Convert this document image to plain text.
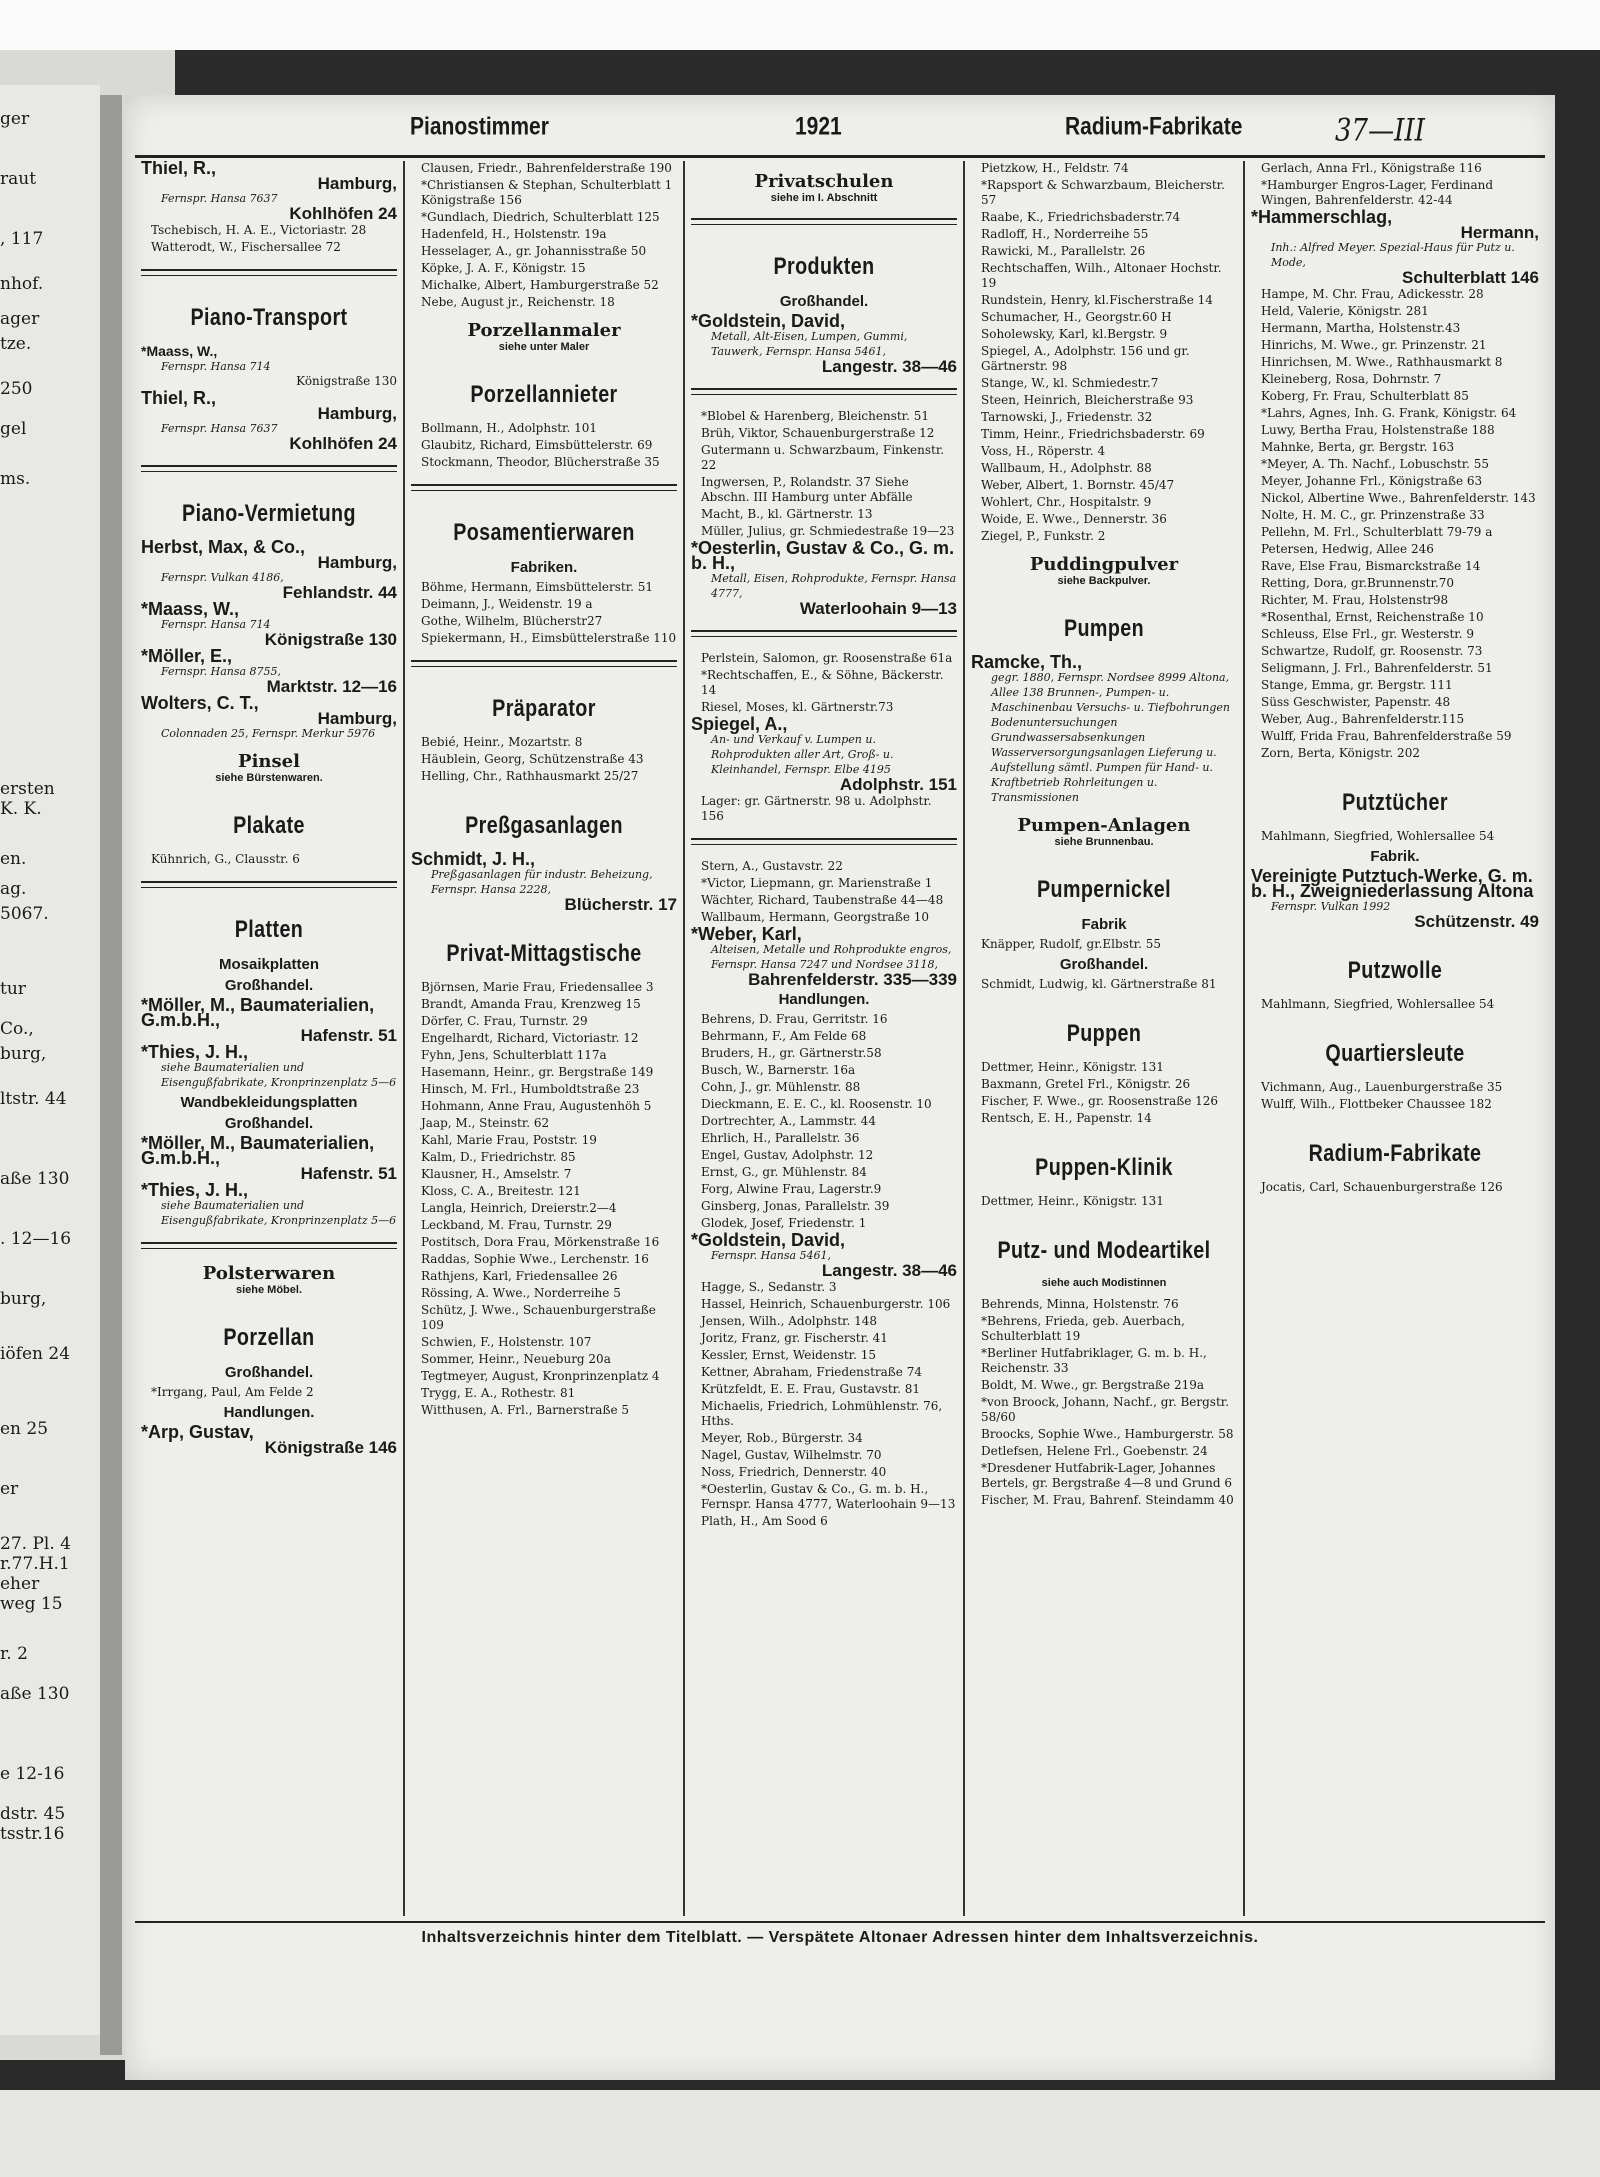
ger
raut
, 117
nhof.
ager
tze.
250
gel
ms.
ersten
K. K.
en.
ag.
5067.
tur
Co.,
burg,
ltstr. 44
aße 130
. 12—16
burg,
iöfen 24
en 25
er
27. Pl. 4
r.77.H.1
eher
weg 15
r. 2
aße 130
e 12-16
dstr. 45
tsstr.16
Pianostimmer	1921	Radium-Fabrikate	37—III
Thiel, R.,
Hamburg,
Fernspr. Hansa 7637
Kohlhöfen 24
Tschebisch, H. A. E., Victoriastr. 28
Watterodt, W., Fischersallee 72
Piano-Transport
*Maass, W.,
Fernspr. Hansa 714
Königstraße 130
Thiel, R.,
Hamburg,
Fernspr. Hansa 7637
Kohlhöfen 24
Piano-Vermietung
Herbst, Max, & Co.,
Hamburg,
Fernspr. Vulkan 4186,
Fehlandstr. 44
*Maass, W.,
Fernspr. Hansa 714
Königstraße 130
*Möller, E.,
Fernspr. Hansa 8755,
Marktstr. 12—16
Wolters, C. T.,
Hamburg,
Colonnaden 25, Fernspr. Merkur 5976
Pinsel
siehe Bürstenwaren.
Plakate
Kühnrich, G., Clausstr. 6
Platten
Mosaikplatten
Großhandel.
*Möller, M., Baumaterialien, G.m.b.H.,
Hafenstr. 51
*Thies, J. H.,
siehe Baumaterialien und Eisengußfabrikate, Kronprinzenplatz 5—6
Wandbekleidungsplatten
Großhandel.
*Möller, M., Baumaterialien, G.m.b.H.,
Hafenstr. 51
*Thies, J. H.,
siehe Baumaterialien und Eisengußfabrikate, Kronprinzenplatz 5—6
Polsterwaren
siehe Möbel.
Porzellan
Großhandel.
*Irrgang, Paul, Am Felde 2
Handlungen.
*Arp, Gustav,
Königstraße 146
Clausen, Friedr., Bahrenfelderstraße 190
*Christiansen & Stephan, Schulterblatt 1 Königstraße 156
*Gundlach, Diedrich, Schulterblatt 125
Hadenfeld, H., Holstenstr. 19a
Hesselager, A., gr. Johannisstraße 50
Köpke, J. A. F., Königstr. 15
Michalke, Albert, Hamburgerstraße 52
Nebe, August jr., Reichenstr. 18
Porzellanmaler
siehe unter Maler
Porzellannieter
Bollmann, H., Adolphstr. 101
Glaubitz, Richard, Eimsbüttelerstr. 69
Stockmann, Theodor, Blücherstraße 35
Posamentierwaren
Fabriken.
Böhme, Hermann, Eimsbüttelerstr. 51
Deimann, J., Weidenstr. 19 a
Gothe, Wilhelm, Blücherstr27
Spiekermann, H., Eimsbüttelerstraße 110
Präparator
Bebié, Heinr., Mozartstr. 8
Häublein, Georg, Schützenstraße 43
Helling, Chr., Rathhausmarkt 25/27
Preßgasanlagen
Schmidt, J. H.,
Preßgasanlagen für industr. Beheizung, Fernspr. Hansa 2228,
Blücherstr. 17
Privat-Mittagstische
Björnsen, Marie Frau, Friedensallee 3
Brandt, Amanda Frau, Krenzweg 15
Dörfer, C. Frau, Turnstr. 29
Engelhardt, Richard, Victoriastr. 12
Fyhn, Jens, Schulterblatt 117a
Hasemann, Heinr., gr. Bergstraße 149
Hinsch, M. Frl., Humboldtstraße 23
Hohmann, Anne Frau, Augustenhöh 5
Jaap, M., Steinstr. 62
Kahl, Marie Frau, Poststr. 19
Kalm, D., Friedrichstr. 85
Klausner, H., Amselstr. 7
Kloss, C. A., Breitestr. 121
Langla, Heinrich, Dreierstr.2—4
Leckband, M. Frau, Turnstr. 29
Postitsch, Dora Frau, Mörkenstraße 16
Raddas, Sophie Wwe., Lerchenstr. 16
Rathjens, Karl, Friedensallee 26
Rössing, A. Wwe., Norderreihe 5
Schütz, J. Wwe., Schauenburgerstraße 109
Schwien, F., Holstenstr. 107
Sommer, Heinr., Neueburg 20a
Tegtmeyer, August, Kronprinzenplatz 4
Trygg, E. A., Rothestr. 81
Witthusen, A. Frl., Barnerstraße 5
Privatschulen
siehe im I. Abschnitt
Produkten
Großhandel.
*Goldstein, David,
Metall, Alt-Eisen, Lumpen, Gummi, Tauwerk, Fernspr. Hansa 5461,
Langestr. 38—46
*Blobel & Harenberg, Bleichenstr. 51
Brüh, Viktor, Schauenburgerstraße 12
Gutermann u. Schwarzbaum, Finkenstr. 22
Ingwersen, P., Rolandstr. 37 Siehe Abschn. III Hamburg unter Abfälle
Macht, B., kl. Gärtnerstr. 13
Müller, Julius, gr. Schmiedestraße 19—23
*Oesterlin, Gustav & Co., G. m. b. H.,
Metall, Eisen, Rohprodukte, Fernspr. Hansa 4777,
Waterloohain 9—13
Perlstein, Salomon, gr. Roosenstraße 61a
*Rechtschaffen, E., & Söhne, Bäckerstr. 14
Riesel, Moses, kl. Gärtnerstr.73
Spiegel, A.,
An- und Verkauf v. Lumpen u. Rohprodukten aller Art, Groß- u. Kleinhandel, Fernspr. Elbe 4195
Adolphstr. 151
Lager: gr. Gärtnerstr. 98 u. Adolphstr. 156
Stern, A., Gustavstr. 22
*Victor, Liepmann, gr. Marienstraße 1
Wächter, Richard, Taubenstraße 44—48
Wallbaum, Hermann, Georgstraße 10
*Weber, Karl,
Alteisen, Metalle und Rohprodukte engros, Fernspr. Hansa 7247 und Nordsee 3118,
Bahrenfelderstr. 335—339
Handlungen.
Behrens, D. Frau, Gerritstr. 16
Behrmann, F., Am Felde 68
Bruders, H., gr. Gärtnerstr.58
Busch, W., Barnerstr. 16a
Cohn, J., gr. Mühlenstr. 88
Dieckmann, E. E. C., kl. Roosenstr. 10
Dortrechter, A., Lammstr. 44
Ehrlich, H., Parallelstr. 36
Engel, Gustav, Adolphstr. 12
Ernst, G., gr. Mühlenstr. 84
Forg, Alwine Frau, Lagerstr.9
Ginsberg, Jonas, Parallelstr. 39
Glodek, Josef, Friedenstr. 1
*Goldstein, David,
Fernspr. Hansa 5461,
Langestr. 38—46
Hagge, S., Sedanstr. 3
Hassel, Heinrich, Schauenburgerstr. 106
Jensen, Wilh., Adolphstr. 148
Joritz, Franz, gr. Fischerstr. 41
Kessler, Ernst, Weidenstr. 15
Kettner, Abraham, Friedenstraße 74
Krützfeldt, E. E. Frau, Gustavstr. 81
Michaelis, Friedrich, Lohmühlenstr. 76, Hths.
Meyer, Rob., Bürgerstr. 34
Nagel, Gustav, Wilhelmstr. 70
Noss, Friedrich, Dennerstr. 40
*Oesterlin, Gustav & Co., G. m. b. H., Fernspr. Hansa 4777, Waterloohain 9—13
Plath, H., Am Sood 6
Pietzkow, H., Feldstr. 74
*Rapsport & Schwarzbaum, Bleicherstr. 57
Raabe, K., Friedrichsbaderstr.74
Radloff, H., Norderreihe 55
Rawicki, M., Parallelstr. 26
Rechtschaffen, Wilh., Altonaer Hochstr. 19
Rundstein, Henry, kl.Fischerstraße 14
Schumacher, H., Georgstr.60 H
Soholewsky, Karl, kl.Bergstr. 9
Spiegel, A., Adolphstr. 156 und gr. Gärtnerstr. 98
Stange, W., kl. Schmiedestr.7
Steen, Heinrich, Bleicherstraße 93
Tarnowski, J., Friedenstr. 32
Timm, Heinr., Friedrichsbaderstr. 69
Voss, H., Röperstr. 4
Wallbaum, H., Adolphstr. 88
Weber, Albert, 1. Bornstr. 45/47
Wohlert, Chr., Hospitalstr. 9
Woide, E. Wwe., Dennerstr. 36
Ziegel, P., Funkstr. 2
Puddingpulver
siehe Backpulver.
Pumpen
Ramcke, Th.,
gegr. 1880, Fernspr. Nordsee 8999 Altona, Allee 138 Brunnen-, Pumpen- u. Maschinenbau Versuchs- u. Tiefbohrungen Bodenuntersuchungen Grundwassersabsenkungen Wasserversorgungsanlagen Lieferung u. Aufstellung sämtl. Pumpen für Hand- u. Kraftbetrieb Rohrleitungen u. Transmissionen
Pumpen-Anlagen
siehe Brunnenbau.
Pumpernickel
Fabrik
Knäpper, Rudolf, gr.Elbstr. 55
Großhandel.
Schmidt, Ludwig, kl. Gärtnerstraße 81
Puppen
Dettmer, Heinr., Königstr. 131
Baxmann, Gretel Frl., Königstr. 26
Fischer, F. Wwe., gr. Roosenstraße 126
Rentsch, E. H., Papenstr. 14
Puppen-Klinik
Dettmer, Heinr., Königstr. 131
Putz- und Modeartikel
siehe auch Modistinnen
Behrends, Minna, Holstenstr. 76
*Behrens, Frieda, geb. Auerbach, Schulterblatt 19
*Berliner Hutfabriklager, G. m. b. H., Reichenstr. 33
Boldt, M. Wwe., gr. Bergstraße 219a
*von Broock, Johann, Nachf., gr. Bergstr. 58/60
Broocks, Sophie Wwe., Hamburgerstr. 58
Detlefsen, Helene Frl., Goebenstr. 24
*Dresdener Hutfabrik-Lager, Johannes Bertels, gr. Bergstraße 4—8 und Grund 6
Fischer, M. Frau, Bahrenf. Steindamm 40
Gerlach, Anna Frl., Königstraße 116
*Hamburger Engros-Lager, Ferdinand Wingen, Bahrenfelderstr. 42-44
*Hammerschlag,
Hermann,
Inh.: Alfred Meyer. Spezial-Haus für Putz u. Mode,
Schulterblatt 146
Hampe, M. Chr. Frau, Adickesstr. 28
Held, Valerie, Königstr. 281
Hermann, Martha, Holstenstr.43
Hinrichs, M. Wwe., gr. Prinzenstr. 21
Hinrichsen, M. Wwe., Rathhausmarkt 8
Kleineberg, Rosa, Dohrnstr. 7
Koberg, Fr. Frau, Schulterblatt 85
*Lahrs, Agnes, Inh. G. Frank, Königstr. 64
Luwy, Bertha Frau, Holstenstraße 188
Mahnke, Berta, gr. Bergstr. 163
*Meyer, A. Th. Nachf., Lobuschstr. 55
Meyer, Johanne Frl., Königstraße 63
Nickol, Albertine Wwe., Bahrenfelderstr. 143
Nolte, H. M. C., gr. Prinzenstraße 33
Pellehn, M. Frl., Schulterblatt 79-79 a
Petersen, Hedwig, Allee 246
Rave, Else Frau, Bismarckstraße 14
Retting, Dora, gr.Brunnenstr.70
Richter, M. Frau, Holstenstr98
*Rosenthal, Ernst, Reichenstraße 10
Schleuss, Else Frl., gr. Westerstr. 9
Schwartze, Rudolf, gr. Roosenstr. 73
Seligmann, J. Frl., Bahrenfelderstr. 51
Stange, Emma, gr. Bergstr. 111
Süss Geschwister, Papenstr. 48
Weber, Aug., Bahrenfelderstr.115
Wulff, Frida Frau, Bahrenfelderstraße 59
Zorn, Berta, Königstr. 202
Putztücher
Mahlmann, Siegfried, Wohlersallee 54
Fabrik.
Vereinigte Putztuch-Werke, G. m. b. H., Zweigniederlassung Altona
Fernspr. Vulkan 1992
Schützenstr. 49
Putzwolle
Mahlmann, Siegfried, Wohlersallee 54
Quartiersleute
Vichmann, Aug., Lauenburgerstraße 35
Wulff, Wilh., Flottbeker Chaussee 182
Radium-Fabrikate
Jocatis, Carl, Schauenburgerstraße 126
Inhaltsverzeichnis hinter dem Titelblatt. — Verspätete Altonaer Adressen hinter dem Inhaltsverzeichnis.
